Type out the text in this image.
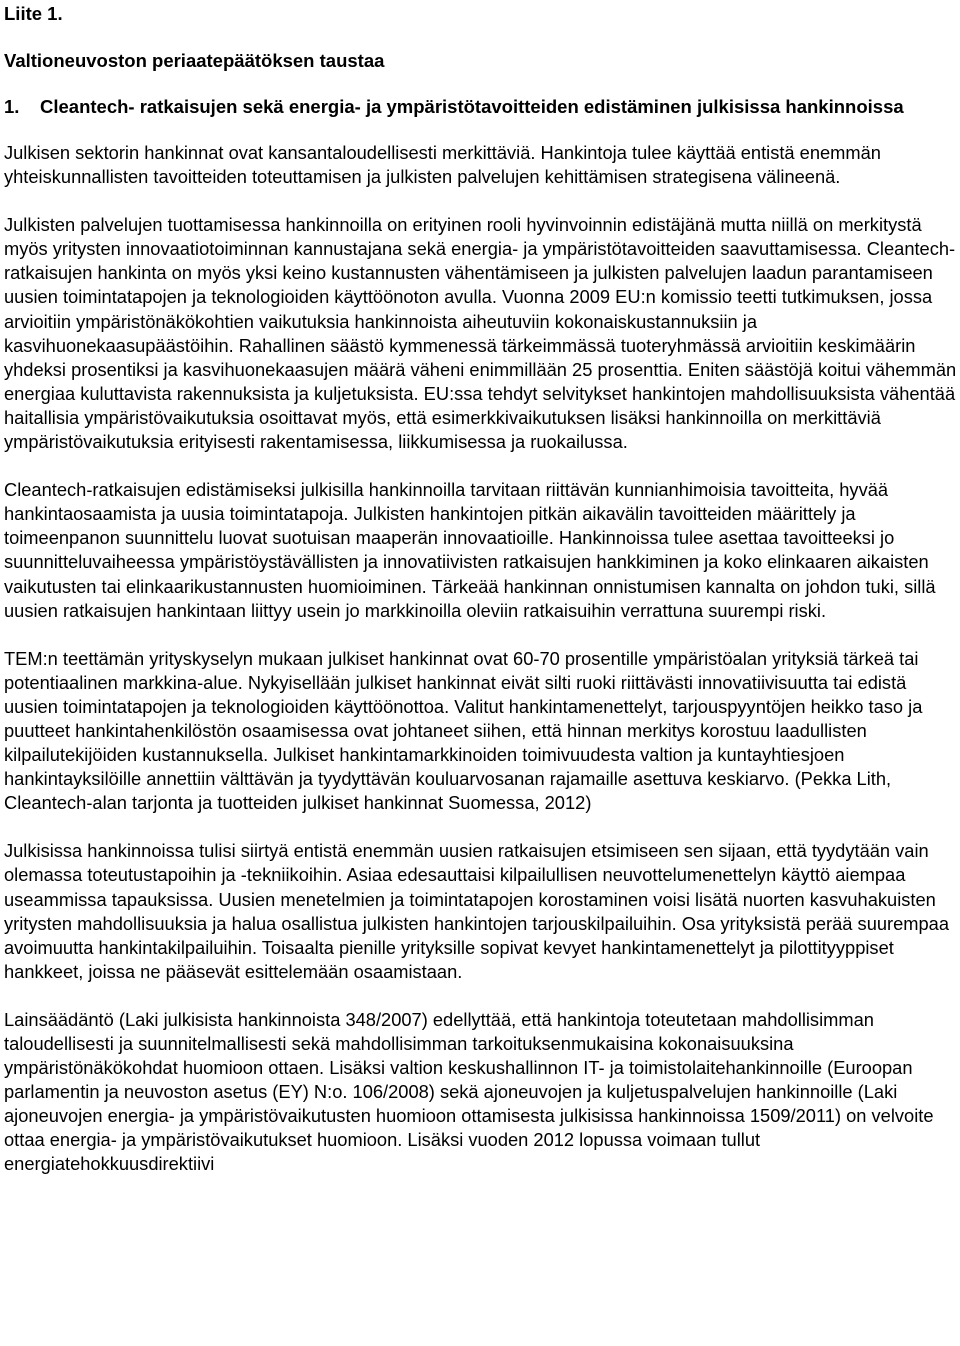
Liite 1.
Valtioneuvoston periaatepäätöksen taustaa
1.	Cleantech- ratkaisujen sekä energia- ja ympäristötavoitteiden edistäminen julkisissa hankinnoissa

Julkisen sektorin hankinnat ovat kansantaloudellisesti merkittäviä. Hankintoja tulee käyttää entistä enemmän yhteiskunnallisten tavoitteiden toteuttamisen ja julkisten palvelujen kehittämisen strategisena välineenä.

Julkisten palvelujen tuottamisessa hankinnoilla on erityinen rooli hyvinvoinnin edistäjänä mutta niillä on merkitystä myös yritysten innovaatiotoiminnan kannustajana sekä energia- ja ympäristötavoitteiden saavuttamisessa. Cleantech-ratkaisujen hankinta on myös yksi keino kustannusten vähentämiseen ja julkisten palvelujen laadun parantamiseen uusien toimintatapojen ja teknologioiden käyttöönoton avulla. Vuonna 2009 EU:n komissio teetti tutkimuksen, jossa arvioitiin ympäristönäkökohtien vaikutuksia hankinnoista aiheutuviin kokonaiskustannuksiin ja kasvihuonekaasupäästöihin. Rahallinen säästö kymmenessä tärkeimmässä tuoteryhmässä arvioitiin keskimäärin yhdeksi prosentiksi ja kasvihuonekaasujen määrä väheni enimmillään 25 prosenttia. Eniten säästöjä koitui vähemmän energiaa kuluttavista rakennuksista ja kuljetuksista. EU:ssa tehdyt selvitykset hankintojen mahdollisuuksista vähentää haitallisia ympäristövaikutuksia osoittavat myös, että esimerkkivaikutuksen lisäksi hankinnoilla on merkittäviä ympäristövaikutuksia erityisesti rakentamisessa, liikkumisessa ja ruokailussa.

Cleantech-ratkaisujen edistämiseksi julkisilla hankinnoilla tarvitaan riittävän kunnianhimoisia tavoitteita, hyvää hankintaosaamista ja uusia toimintatapoja. Julkisten hankintojen pitkän aikavälin tavoitteiden määrittely ja toimeenpanon suunnittelu luovat suotuisan maaperän innovaatioille. Hankinnoissa tulee asettaa tavoitteeksi jo suunnitteluvaiheessa ympäristöystävällisten ja innovatiivisten ratkaisujen hankkiminen ja koko elinkaaren aikaisten vaikutusten tai elinkaarikustannusten huomioiminen. Tärkeää hankinnan onnistumisen kannalta on johdon tuki, sillä uusien ratkaisujen hankintaan liittyy usein jo markkinoilla oleviin ratkaisuihin verrattuna suurempi riski.

TEM:n teettämän yrityskyselyn mukaan julkiset hankinnat ovat 60-70 prosentille ympäristöalan yrityksiä tärkeä tai potentiaalinen markkina-alue. Nykyisellään julkiset hankinnat eivät silti ruoki riittävästi innovatiivisuutta tai edistä uusien toimintatapojen ja teknologioiden käyttöönottoa. Valitut hankintamenettelyt, tarjouspyyntöjen heikko taso ja puutteet hankintahenkilöstön osaamisessa ovat johtaneet siihen, että hinnan merkitys korostuu laadullisten kilpailutekijöiden kustannuksella. Julkiset hankintamarkkinoiden toimivuudesta valtion ja kuntayhtiesjoen hankintayksilöille annettiin välttävän ja tyydyttävän kouluarvosanan rajamaille asettuva keskiarvo. (Pekka Lith, Cleantech-alan tarjonta ja tuotteiden julkiset hankinnat Suomessa, 2012)

Julkisissa hankinnoissa tulisi siirtyä entistä enemmän uusien ratkaisujen etsimiseen sen sijaan, että tyydytään vain olemassa toteutustapoihin ja -tekniikoihin. Asiaa edesauttaisi kilpailullisen neuvottelumenettelyn käyttö aiempaa useammissa tapauksissa. Uusien menetelmien ja toimintatapojen korostaminen voisi lisätä nuorten kasvuhakuisten yritysten mahdollisuuksia ja halua osallistua julkisten hankintojen tarjouskilpailuihin. Osa yrityksistä perää suurempaa avoimuutta hankintakilpailuihin. Toisaalta pienille yrityksille sopivat kevyet hankintamenettelyt ja pilottityyppiset hankkeet, joissa ne pääsevät esittelemään osaamistaan.

Lainsäädäntö (Laki julkisista hankinnoista 348/2007) edellyttää, että hankintoja toteutetaan mahdollisimman taloudellisesti ja suunnitelmallisesti sekä mahdollisimman tarkoituksenmukaisina kokonaisuuksina ympäristönäkökohdat huomioon ottaen. Lisäksi valtion keskushallinnon IT- ja toimistolaitehankinnoille (Euroopan parlamentin ja neuvoston asetus (EY) N:o. 106/2008) sekä ajoneuvojen ja kuljetuspalvelujen hankinnoille (Laki ajoneuvojen energia- ja ympäristövaikutusten huomioon ottamisesta julkisissa hankinnoissa 1509/2011) on velvoite ottaa energia- ja ympäristövaikutukset huomioon. Lisäksi vuoden 2012 lopussa voimaan tullut energiatehokkuusdirektiivi
